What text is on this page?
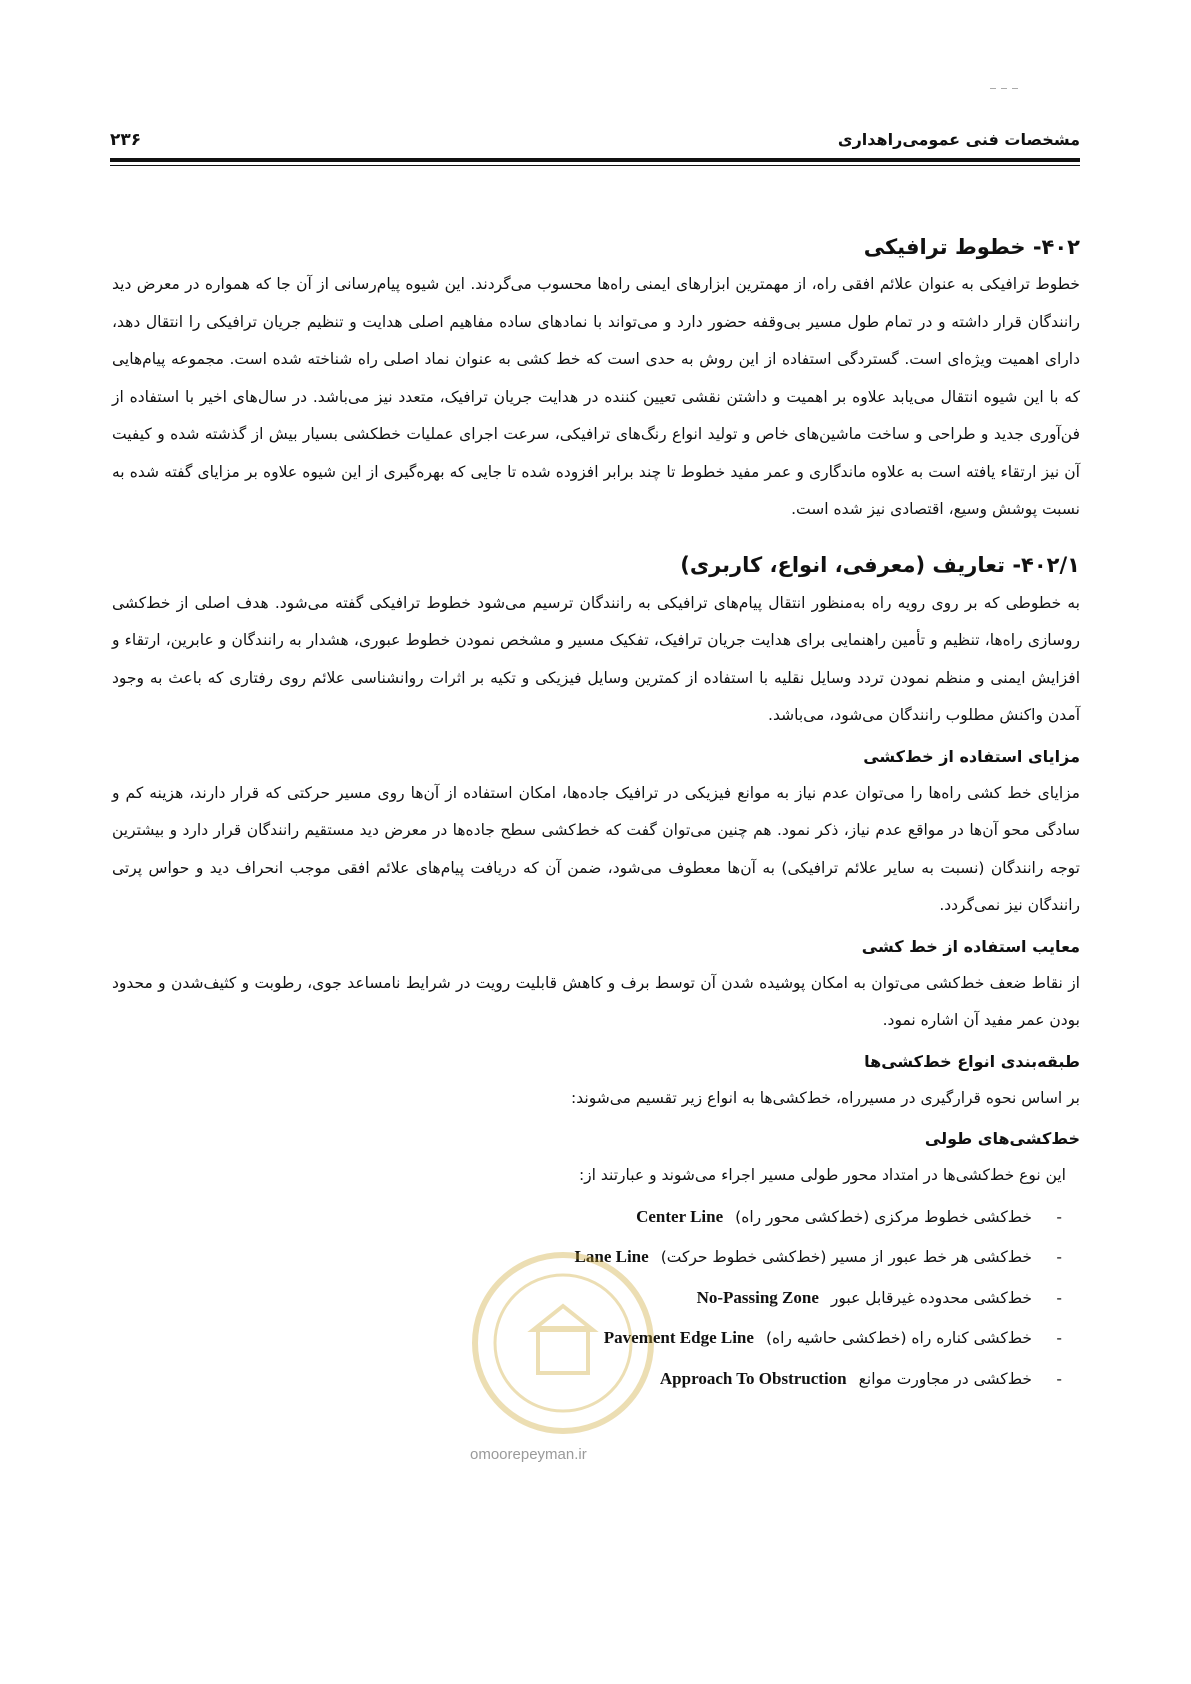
مشخصات فنی عمومی‌راهداری
۲۳۶
۴۰۲- خطوط ترافیکی

خطوط ترافیکی به عنوان علائم افقی راه، از مهمترین ابزارهای ایمنی راه‌ها محسوب می‌گردند. این شیوه پیام‌رسانی از آن جا که همواره در معرض دید رانندگان قرار داشته و در تمام طول مسیر بی‌وقفه حضور دارد و می‌تواند با نمادهای ساده مفاهیم اصلی هدایت و تنظیم جریان ترافیکی را انتقال دهد، دارای اهمیت ویژه‌ای است. گستردگی استفاده از این روش به حدی است که خط کشی به عنوان نماد اصلی راه شناخته شده است. مجموعه پیام‌هایی که با این شیوه انتقال می‌یابد علاوه بر اهمیت و داشتن نقشی تعیین کننده در هدایت جریان ترافیک، متعدد نیز می‌باشد. در سال‌های اخیر با استفاده از فن‌آوری جدید و طراحی و ساخت ماشین‌های خاص و تولید انواع رنگ‌های ترافیکی، سرعت اجرای عملیات خطکشی بسیار بیش از گذشته شده و کیفیت آن نیز ارتقاء یافته است به علاوه ماندگاری و عمر مفید خطوط تا چند برابر افزوده شده تا جایی که بهره‌گیری از این شیوه علاوه بر مزایای گفته شده به نسبت پوشش وسیع، اقتصادی نیز شده است.

۴۰۲/۱- تعاریف (معرفی، انواع، کاربری)

به خطوطی که بر روی رویه راه به‌منظور انتقال پیام‌های ترافیکی به رانندگان ترسیم می‌شود خطوط ترافیکی گفته می‌شود. هدف اصلی از خط‌کشی روسازی راه‌ها، تنظیم و تأمین راهنمایی برای هدایت جریان ترافیک، تفکیک مسیر و مشخص نمودن خطوط عبوری، هشدار به رانندگان و عابرین، ارتقاء و افزایش ایمنی و منظم نمودن تردد وسایل نقلیه با استفاده از کمترین وسایل فیزیکی و تکیه بر اثرات روانشناسی علائم روی رفتاری که باعث به وجود آمدن واکنش مطلوب رانندگان می‌شود، می‌باشد.

مزایای استفاده از خط‌کشی

مزایای خط کشی راه‌ها را می‌توان عدم نیاز به موانع فیزیکی در ترافیک جاده‌ها، امکان استفاده از آن‌ها روی مسیر حرکتی که قرار دارند، هزینه کم و سادگی محو آن‌ها در مواقع عدم نیاز، ذکر نمود. هم چنین می‌توان گفت که خط‌کشی سطح جاده‌ها در معرض دید مستقیم رانندگان قرار دارد و بیشترین توجه رانندگان (نسبت به سایر علائم ترافیکی) به آن‌ها معطوف می‌شود، ضمن آن که دریافت پیام‌های علائم افقی موجب انحراف دید و حواس پرتی رانندگان نیز نمی‌گردد.

معایب استفاده از خط کشی

از نقاط ضعف خط‌کشی می‌توان به امکان پوشیده شدن آن توسط برف و کاهش قابلیت رویت در شرایط نامساعد جوی، رطوبت و کثیف‌شدن و محدود بودن عمر مفید آن اشاره نمود.

طبقه‌بندی انواع خط‌کشی‌ها

بر اساس نحوه قرارگیری در مسیرراه، خط‌کشی‌ها به انواع زیر تقسیم می‌شوند:

خط‌کشی‌های طولی

این نوع خط‌کشی‌ها در امتداد محور طولی مسیر اجراء می‌شوند و عبارتند از:

-
خط‌کشی خطوط مرکزی (خط‌کشی محور راه)
Center Line
-
خط‌کشی هر خط عبور از مسیر (خط‌کشی خطوط حرکت)
Lane Line
-
خط‌کشی محدوده غیرقابل عبور
No-Passing Zone
-
خط‌کشی کناره راه (خط‌کشی حاشیه راه)
Pavement Edge Line
-
خط‌کشی در مجاورت موانع
Approach To Obstruction
omoorepeyman.ir
